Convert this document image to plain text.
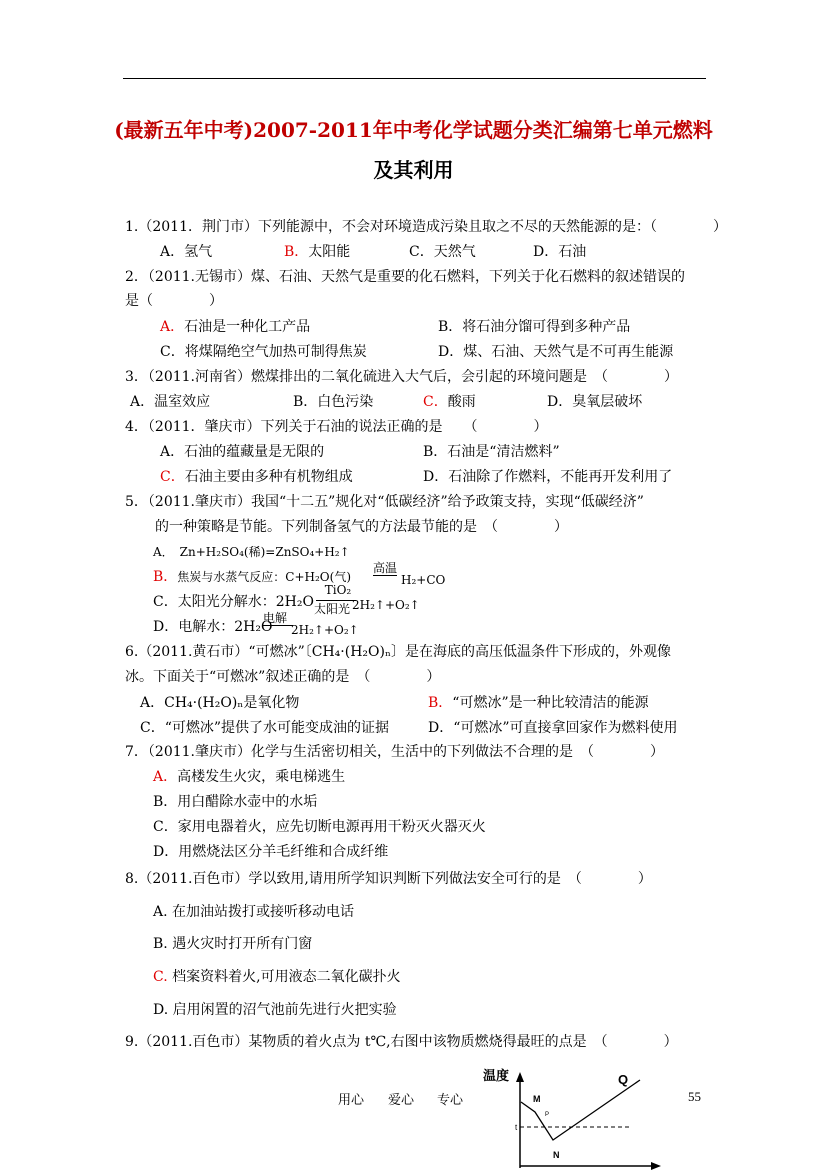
(最新五年中考)2007-2011年中考化学试题分类汇编第七单元燃料
及其利用
1.（2011．荆门市）下列能源中，不会对环境造成污染且取之不尽的天然能源的是：（　　　　）
A．氢气	B．太阳能	C．天然气	D．石油
2．（2011.无锡市）煤、石油、天然气是重要的化石燃料，下列关于化石燃料的叙述错误的
是（　　　　）
A．石油是一种化工产品	B．将石油分馏可得到多种产品
C．将煤隔绝空气加热可制得焦炭	D．煤、石油、天然气是不可再生能源
3．（2011.河南省）燃煤排出的二氧化硫进入大气后，会引起的环境问题是　（　　　　）
A．温室效应	B．白色污染	C．酸雨	D．臭氧层破坏
4．（2011．肇庆市）下列关于石油的说法正确的是　　（　　　　）
A．石油的蕴藏量是无限的	B．石油是“清洁燃料”
C．石油主要由多种有机物组成	D．石油除了作燃料，不能再开发利用了
5．（2011.肇庆市）我国“十二五”规化对“低碳经济”给予政策支持，实现“低碳经济”
的一种策略是节能。下列制备氢气的方法最节能的是　（　　　　）
A．　Zn+H₂SO₄(稀)=ZnSO₄+H₂↑
B．焦炭与水蒸气反应：C+H₂O(气)
高温
H₂+CO
C．太阳光分解水：2H₂O
TiO₂
太阳光 2H₂↑+O₂↑
D．电解水：2H₂O
电解
2H₂↑+O₂↑
6.（2011.黄石市）“可燃冰”〔CH₄·(H₂O)ₙ〕是在海底的高压低温条件下形成的，外观像
冰。下面关于“可燃冰”叙述正确的是　（　　　　）
A．CH₄·(H₂O)ₙ是氧化物	B．“可燃冰”是一种比较清洁的能源
C．“可燃冰”提供了水可能变成油的证据	D．“可燃冰”可直接拿回家作为燃料使用
7．（2011.肇庆市）化学与生活密切相关，生活中的下列做法不合理的是　（　　　　）
A．高楼发生火灾，乘电梯逃生
B．用白醋除水壶中的水垢
C．家用电器着火，应先切断电源再用干粉灭火器灭火
D．用燃烧法区分羊毛纤维和合成纤维
8.（2011.百色市）学以致用,请用所学知识判断下列做法安全可行的是　（　　　　）
A. 在加油站拨打或接听移动电话
B. 遇火灾时打开所有门窗
C. 档案资料着火,可用液态二氧化碳扑火
D. 启用闲置的沼气池前先进行火把实验
9.（2011.百色市）某物质的着火点为 t℃,右图中该物质燃烧得最旺的点是　（　　　　）
温度	Q
M
N
t
P
用心 爱心 专心	55
